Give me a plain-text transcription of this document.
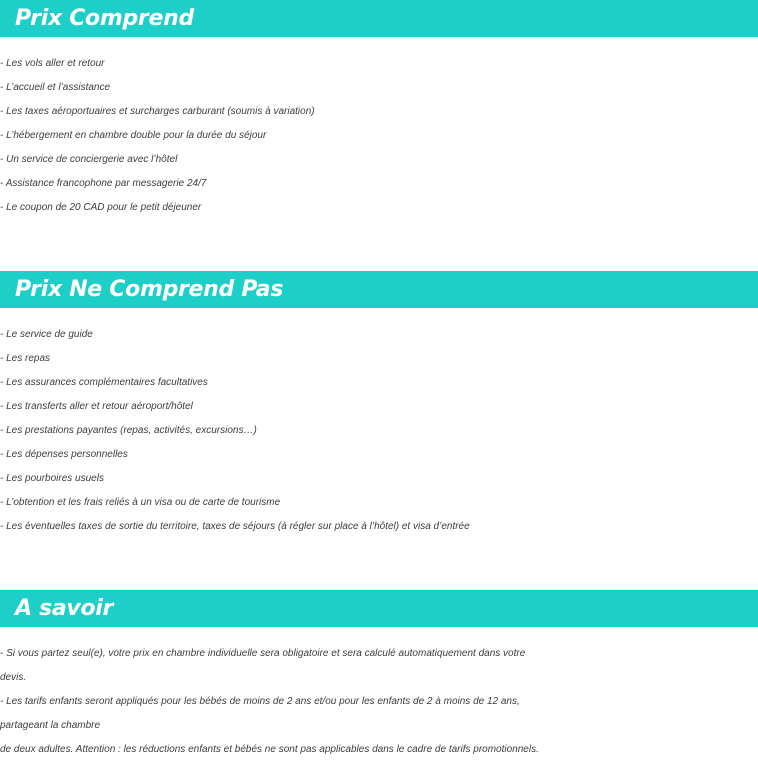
Prix Comprend
- Les vols aller et retour
- L’accueil et l’assistance
- Les taxes aéroportuaires et surcharges carburant (soumis à variation)
- L’hébergement en chambre double pour la durée du séjour
- Un service de conciergerie avec l’hôtel
- Assistance francophone par messagerie 24/7
- Le coupon de 20 CAD pour le petit déjeuner
Prix Ne Comprend Pas
- Le service de guide
- Les repas
- Les assurances complémentaires facultatives
- Les transferts aller et retour aéroport/hôtel
- Les prestations payantes (repas, activités, excursions…)
- Les dépenses personnelles
- Les pourboires usuels
- L’obtention et les frais reliés à un visa ou de carte de tourisme
- Les éventuelles taxes de sortie du territoire, taxes de séjours (à régler sur place à l’hôtel) et visa d’entrée
A savoir
- Si vous partez seul(e), votre prix en chambre individuelle sera obligatoire et sera calculé automatiquement dans votre
devis.
- Les tarifs enfants seront appliqués pour les bébés de moins de 2 ans et/ou pour les enfants de 2 à moins de 12 ans,
partageant la chambre
de deux adultes. Attention : les réductions enfants et bébés ne sont pas applicables dans le cadre de tarifs promotionnels.
